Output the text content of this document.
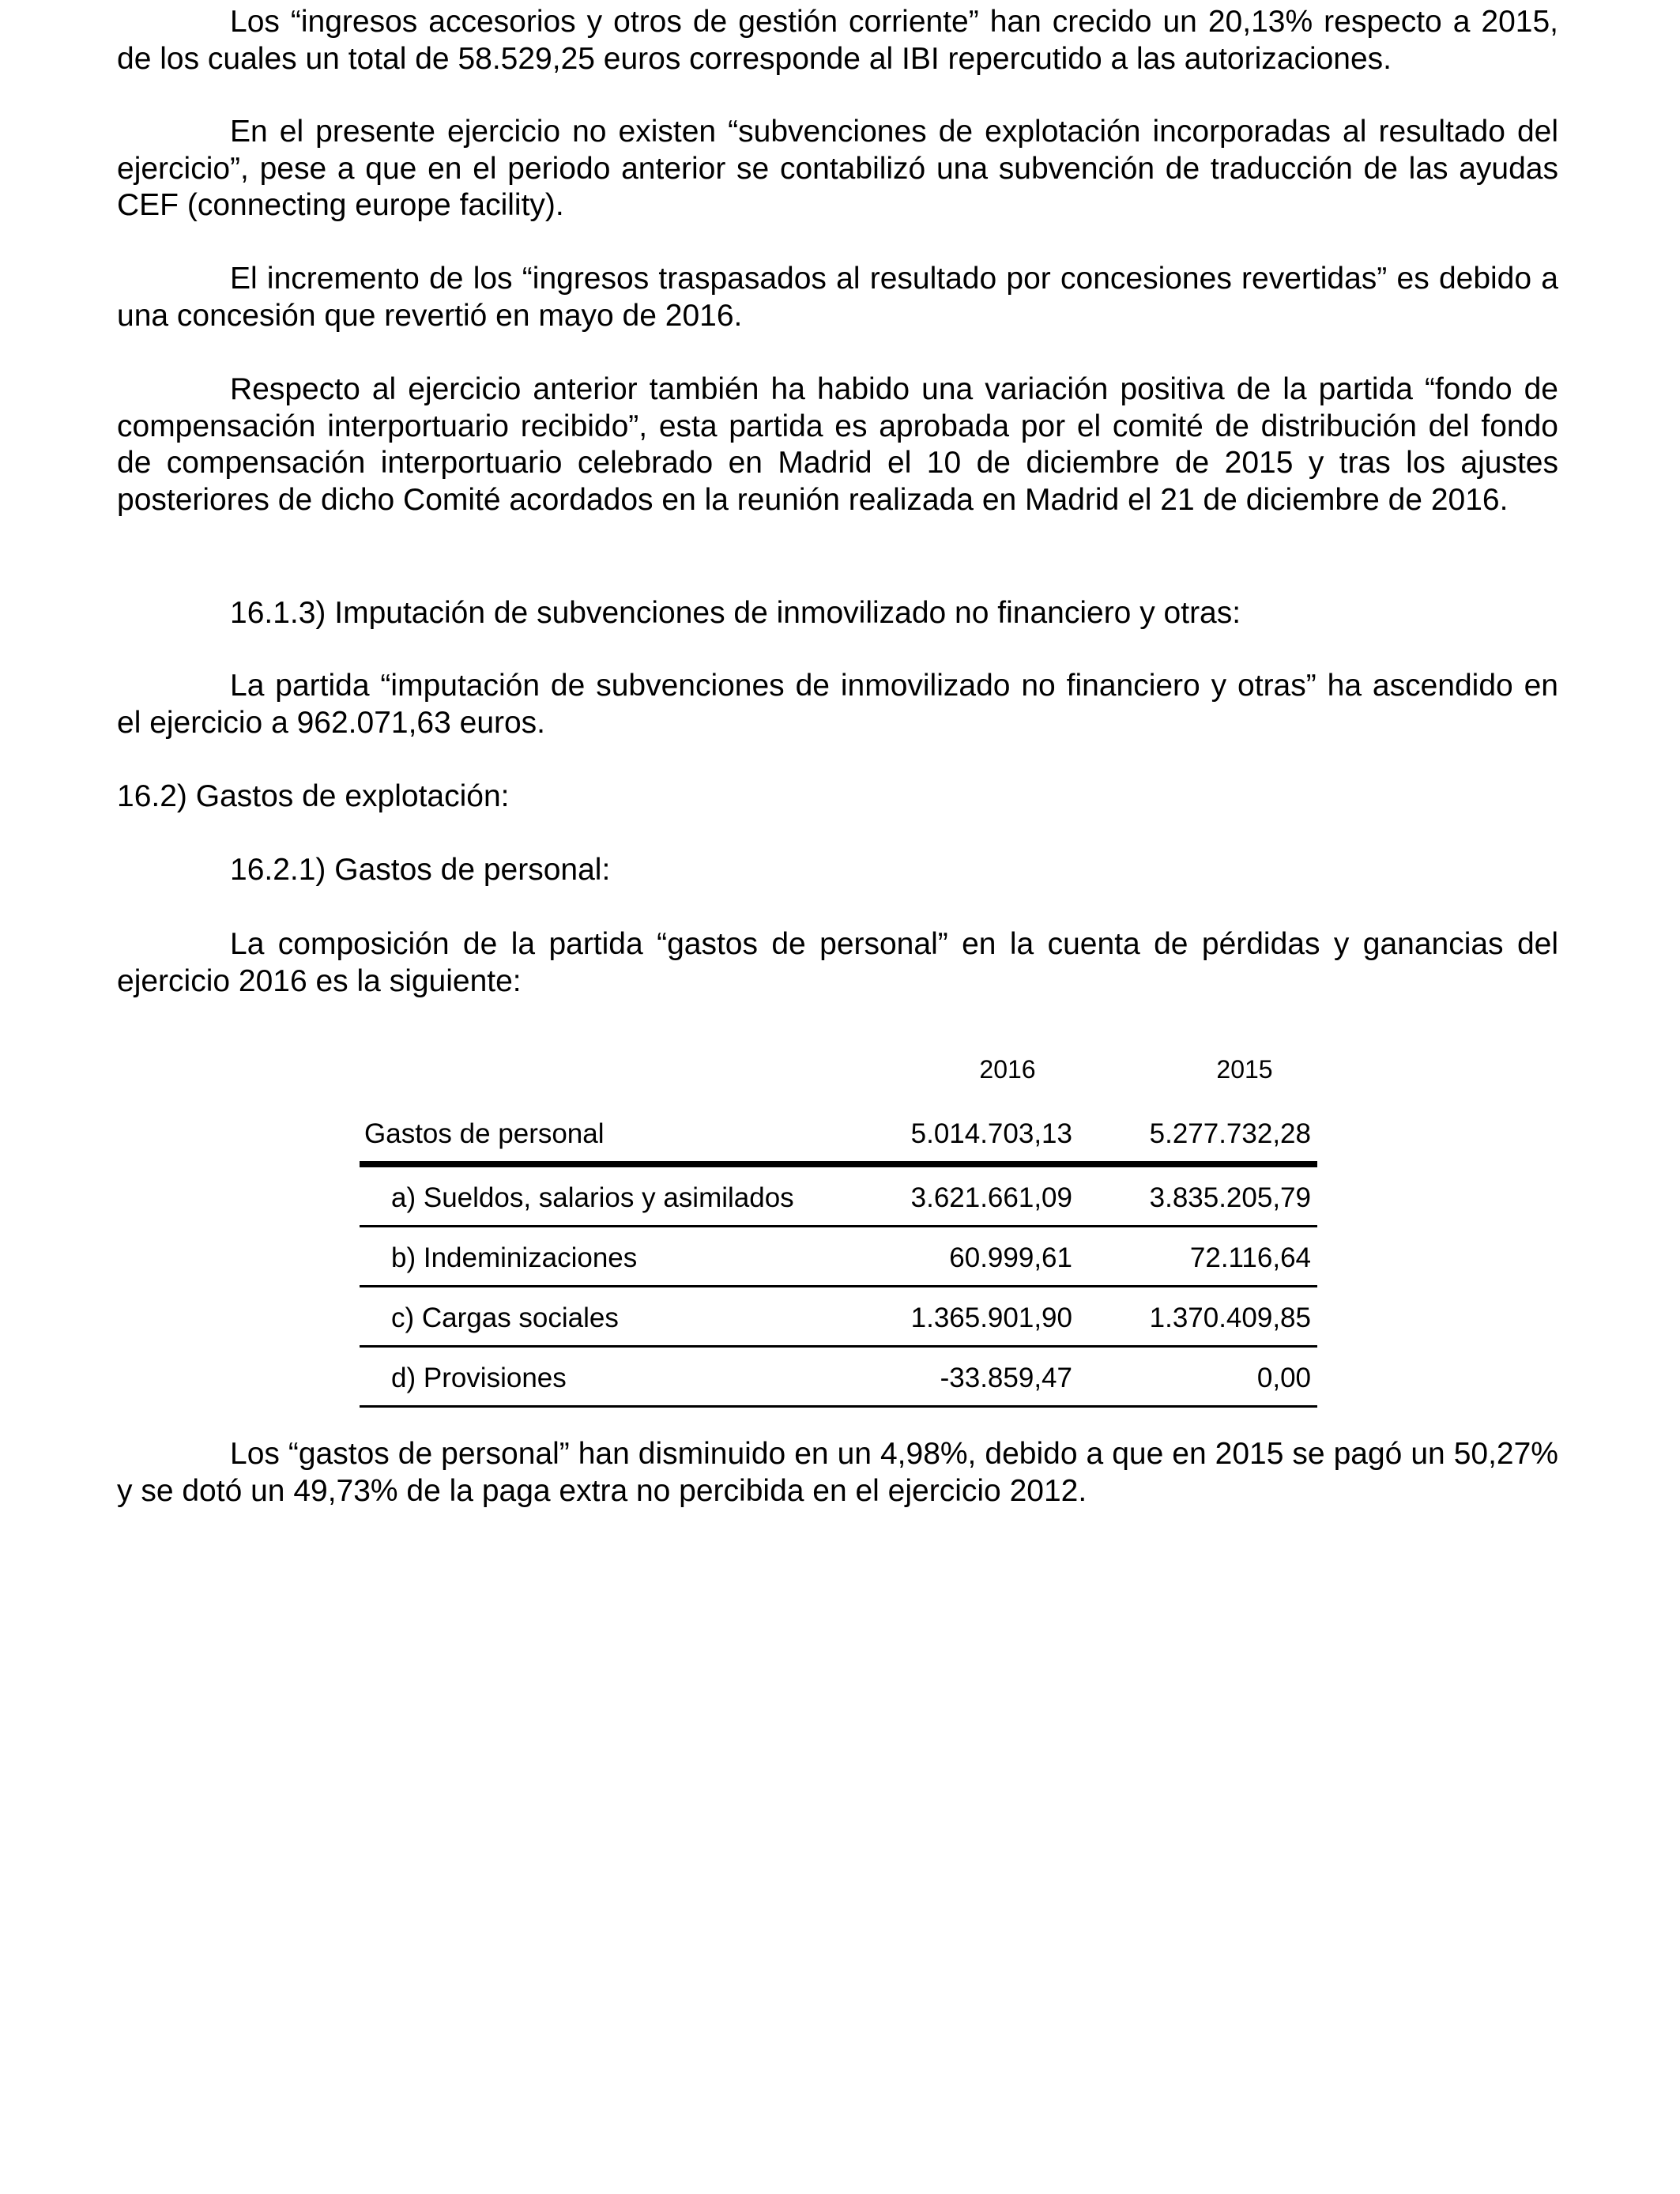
Los “ingresos accesorios y otros de gestión corriente” han crecido un 20,13% respecto a 2015, de los cuales un total de 58.529,25 euros corresponde al IBI repercutido a las autorizaciones.

En el presente ejercicio no existen “subvenciones de explotación incorporadas al resultado del ejercicio”, pese a que en el periodo anterior se contabilizó una subvención de traducción de las ayudas CEF (connecting europe facility).

El incremento de los “ingresos traspasados al resultado por concesiones revertidas” es debido a una concesión que revertió en mayo de 2016.

Respecto al ejercicio anterior también ha habido una variación positiva de la partida “fondo de compensación interportuario recibido”, esta partida es aprobada por el comité de distribución del fondo de compensación interportuario celebrado en Madrid el 10 de diciembre de 2015 y tras los ajustes posteriores de dicho Comité acordados en la reunión realizada en Madrid el 21 de diciembre de 2016.

16.1.3) Imputación de subvenciones de inmovilizado no financiero y otras:

La partida “imputación de subvenciones de inmovilizado no financiero y otras” ha ascendido en el ejercicio a 962.071,63 euros.

16.2) Gastos de explotación:

16.2.1) Gastos de personal:

La composición de la partida “gastos de personal” en la cuenta de pérdidas y ganancias del ejercicio 2016 es la siguiente:

Los “gastos de personal” han disminuido en un 4,98%, debido a que en 2015 se pagó un 50,27% y se dotó un 49,73% de la paga extra no percibida en el ejercicio 2012.

2016	2015
Gastos de personal	5.014.703,13	5.277.732,28
a) Sueldos, salarios y asimilados	3.621.661,09	3.835.205,79
b) Indeminizaciones	60.999,61	72.116,64
c) Cargas sociales	1.365.901,90	1.370.409,85
d) Provisiones	-33.859,47	0,00
